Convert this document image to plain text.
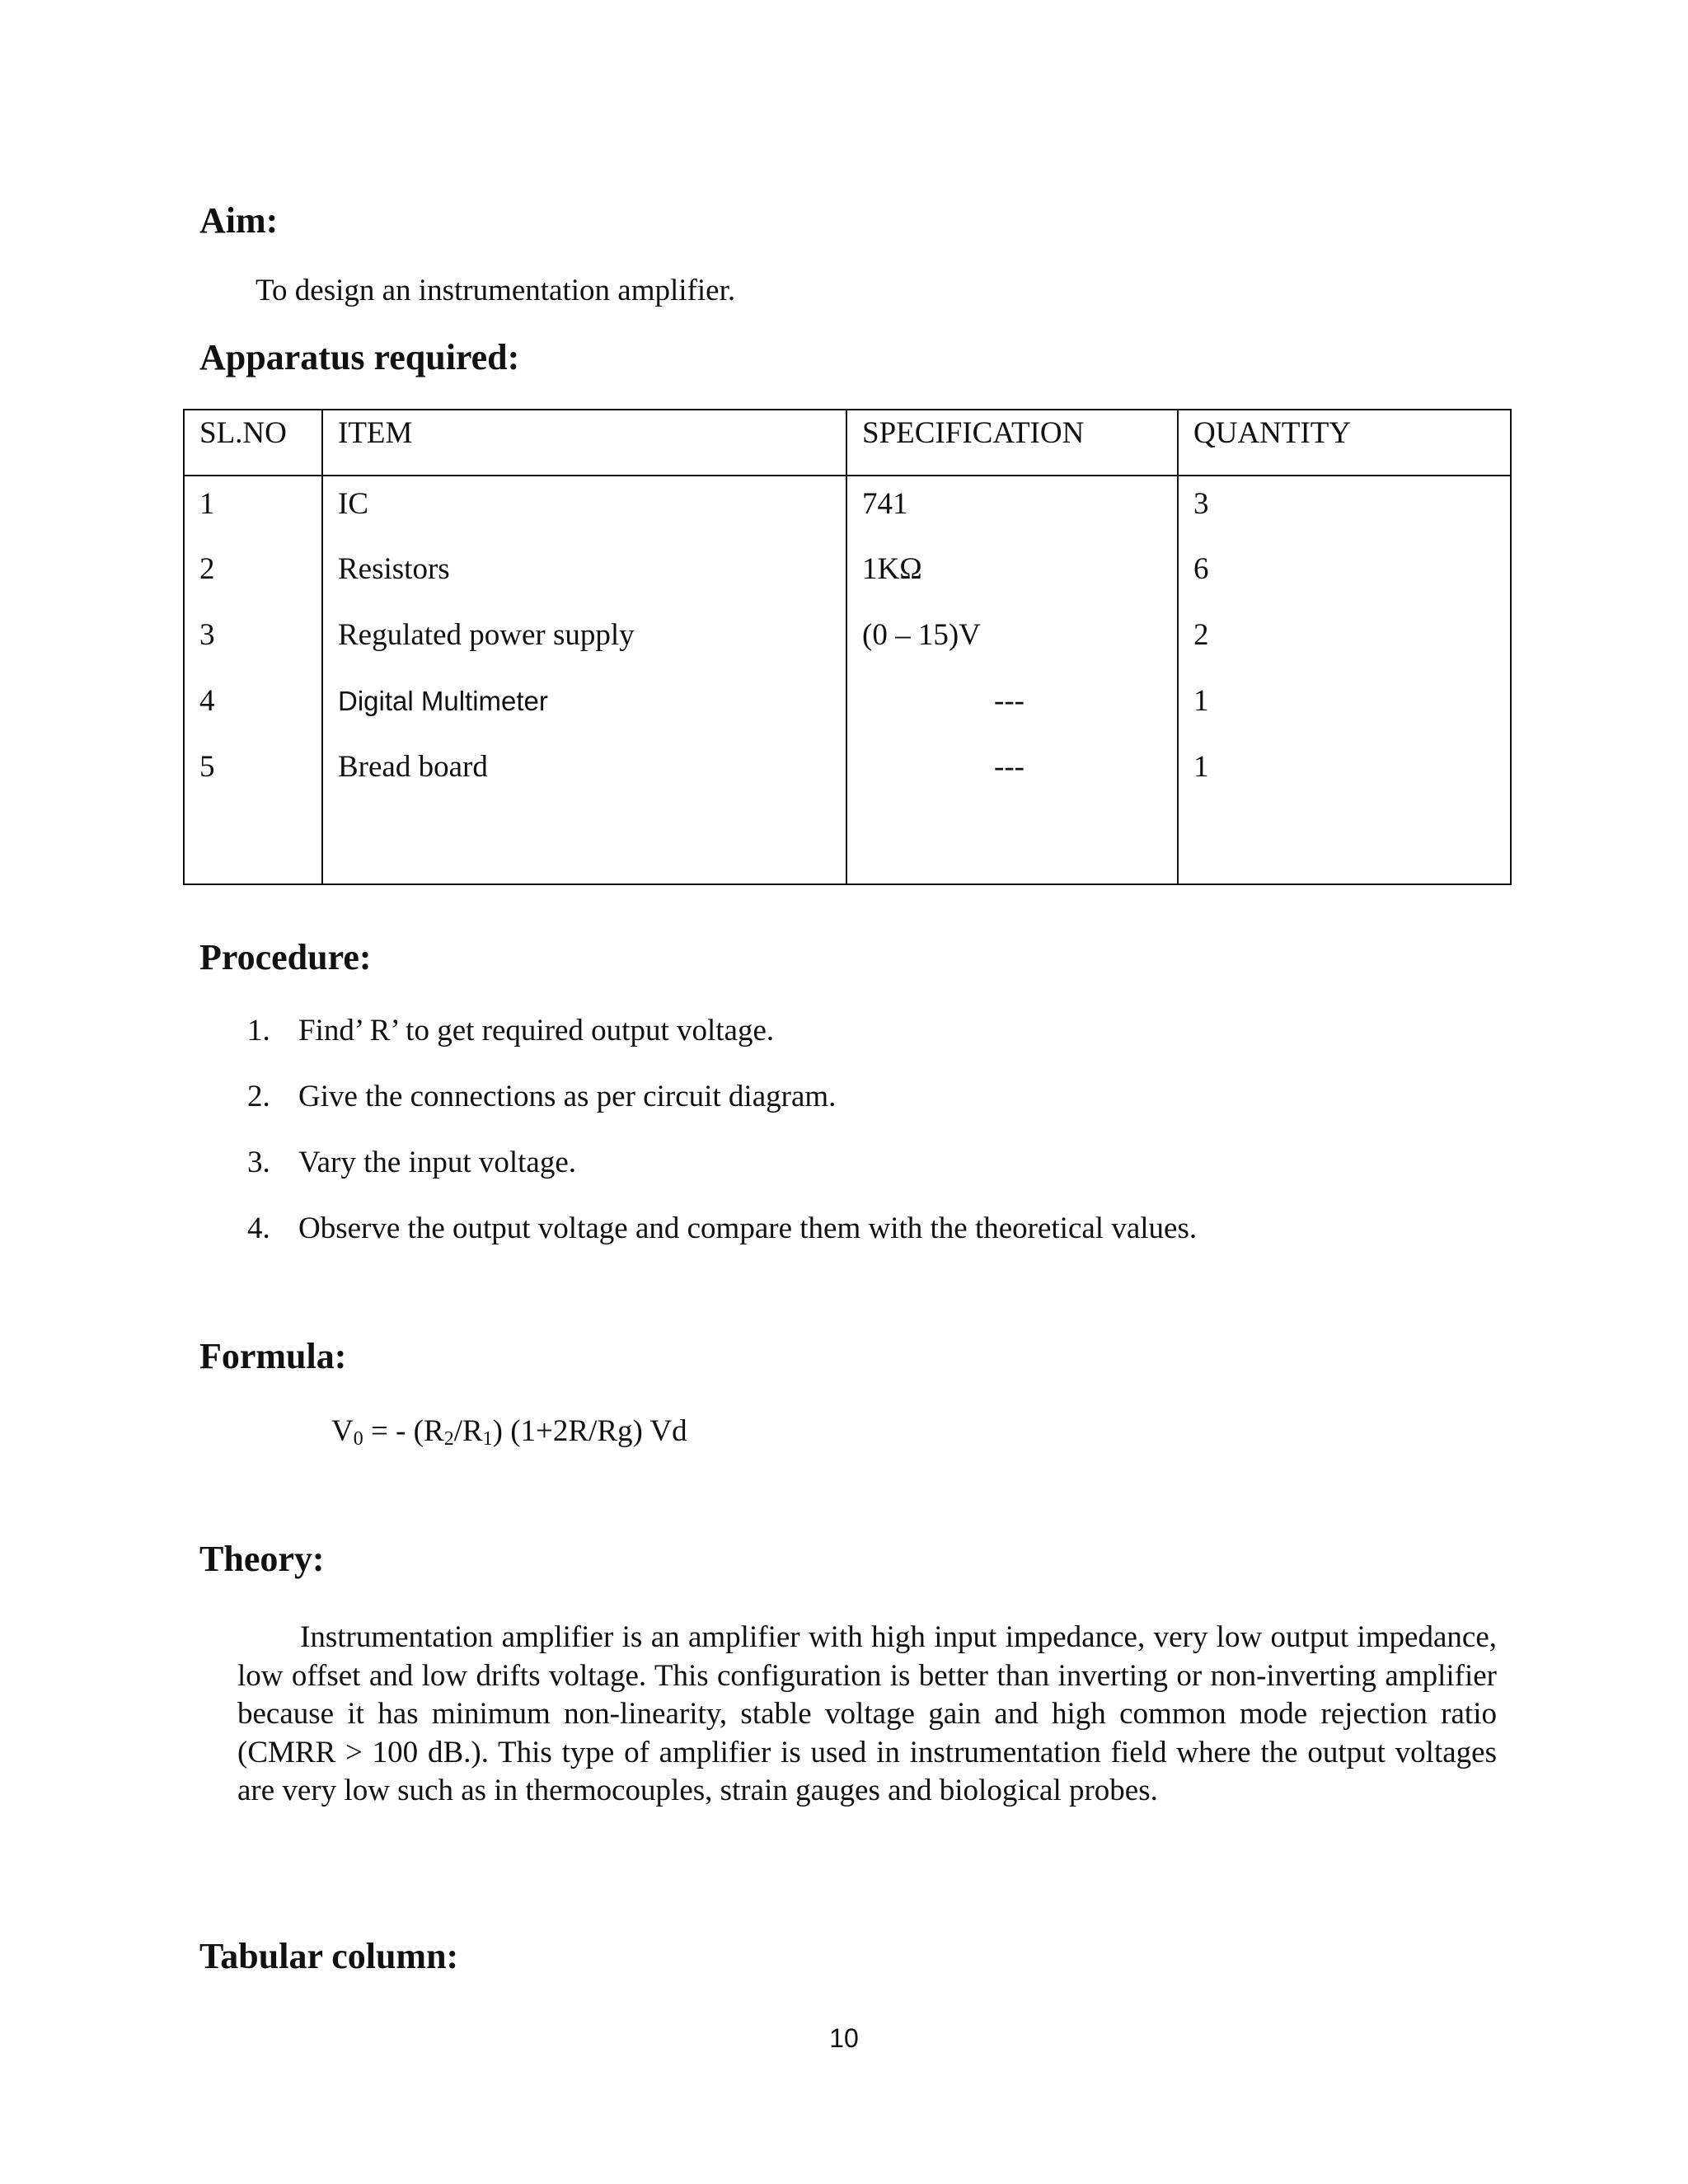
Aim:

To design an instrumentation amplifier.

Apparatus required:
SL.NO	ITEM	SPECIFICATION	QUANTITY
1	IC	741	3
2	Resistors	1KΩ	6
3	Regulated power supply	(0 – 15)V	2
4	Digital Multimeter	---	1
5	Bread board	---	1

Procedure:
1. Find’ R’ to get required output voltage.
2. Give the connections as per circuit diagram.
3. Vary the input voltage.
4. Observe the output voltage and compare them with the theoretical values.
Formula:
$V_0$ = - $(R_2/R_1)$ (1+2R/Rg) Vd
Theory:

Instrumentation amplifier is an amplifier with high input impedance, very low output impedance, low offset and low drifts voltage. This configuration is better than inverting or non-inverting amplifier because it has minimum non-linearity, stable voltage gain and high common mode rejection ratio (CMRR > 100 dB.). This type of amplifier is used in instrumentation field where the output voltages are very low such as in thermocouples, strain gauges and biological probes.

Tabular column:
10
